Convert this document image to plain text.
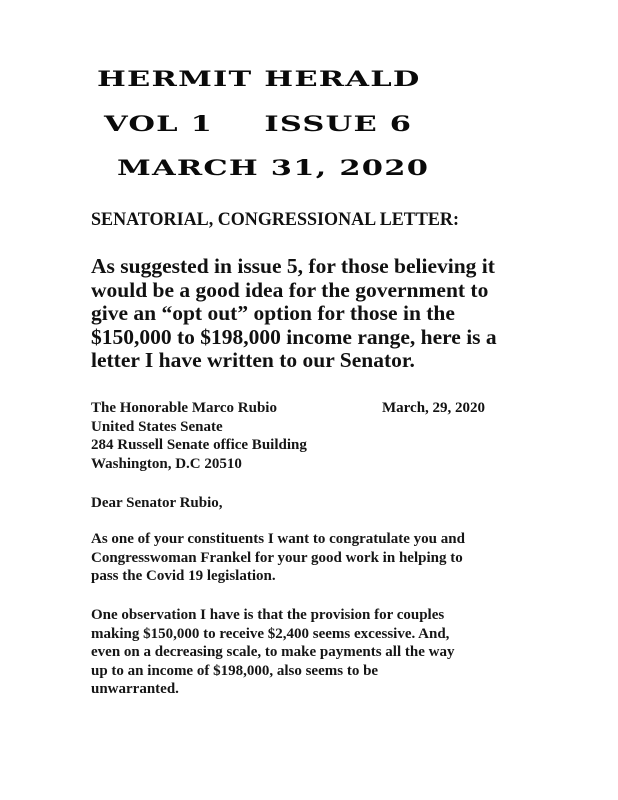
HERMIT HERALD
VOL 1 ISSUE 6
MARCH 31, 2020
SENATORIAL, CONGRESSIONAL LETTER:
As suggested in issue 5, for those believing it
would be a good idea for the government to
give an “opt out” option for those in the
$150,000 to $198,000 income range, here is a
letter I have written to our Senator.
The Honorable Marco Rubio
United States Senate
284 Russell Senate office Building
Washington, D.C 20510
March, 29, 2020
Dear Senator Rubio,
As one of your constituents I want to congratulate you and
Congresswoman Frankel for your good work in helping to
pass the Covid 19 legislation.
One observation I have is that the provision for couples
making $150,000 to receive $2,400 seems excessive. And,
even on a decreasing scale, to make payments all the way
up to an income of $198,000, also seems to be
unwarranted.
